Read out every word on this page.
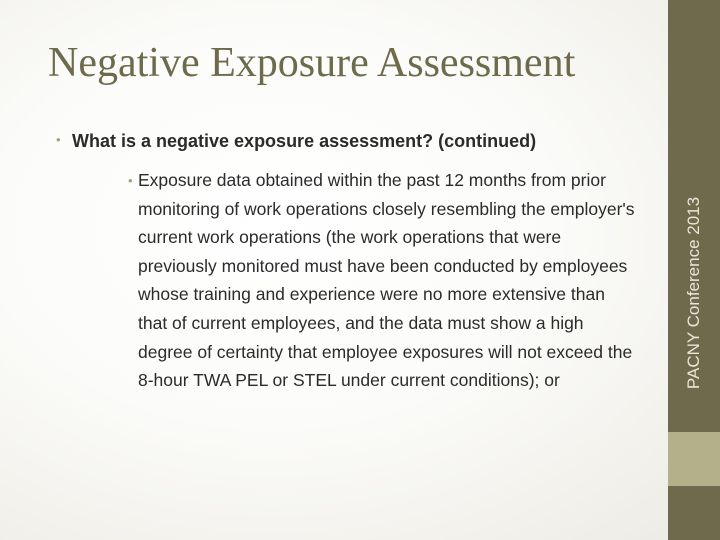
Negative Exposure Assessment
• What is a negative exposure assessment? (continued)
• Exposure data obtained within the past 12 months from prior monitoring of work operations closely resembling the employer's current work operations (the work operations that were previously monitored must have been conducted by employees whose training and experience were no more extensive than that of current employees, and the data must show a high degree of certainty that employee exposures will not exceed the 8-hour TWA PEL or STEL under current conditions); or	PACNY Conference 2013
